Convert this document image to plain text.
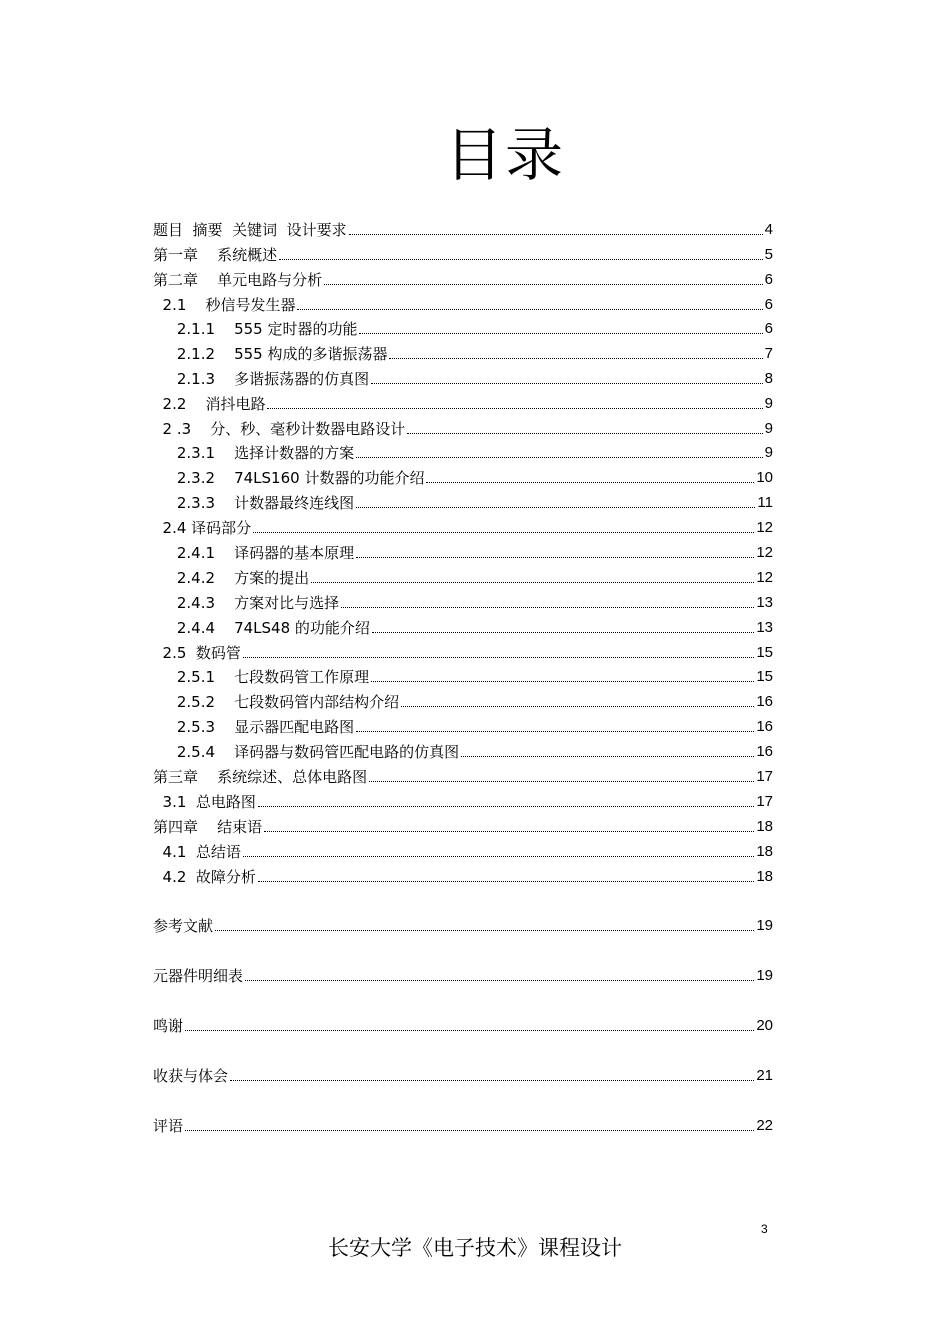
目录
题目  摘要  关键词  设计要求	4
第一章    系统概述	5
第二章    单元电路与分析	6
2.1    秒信号发生器	6
2.1.1    555 定时器的功能	6
2.1.2    555 构成的多谐振荡器	7
2.1.3    多谐振荡器的仿真图	8
2.2    消抖电路	9
2 .3    分、秒、毫秒计数器电路设计	9
2.3.1    选择计数器的方案	9
2.3.2    74LS160 计数器的功能介绍	10
2.3.3    计数器最终连线图	11
2.4 译码部分	12
2.4.1    译码器的基本原理	12
2.4.2    方案的提出	12
2.4.3    方案对比与选择	13
2.4.4    74LS48 的功能介绍	13
2.5  数码管	15
2.5.1    七段数码管工作原理	15
2.5.2    七段数码管内部结构介绍	16
2.5.3    显示器匹配电路图	16
2.5.4    译码器与数码管匹配电路的仿真图	16
第三章    系统综述、总体电路图	17
3.1  总电路图	17
第四章    结束语	18
4.1  总结语	18
4.2  故障分析	18
参考文献	19
元器件明细表	19
鸣谢	20
收获与体会	21
评语	22
3
长安大学《电子技术》课程设计
